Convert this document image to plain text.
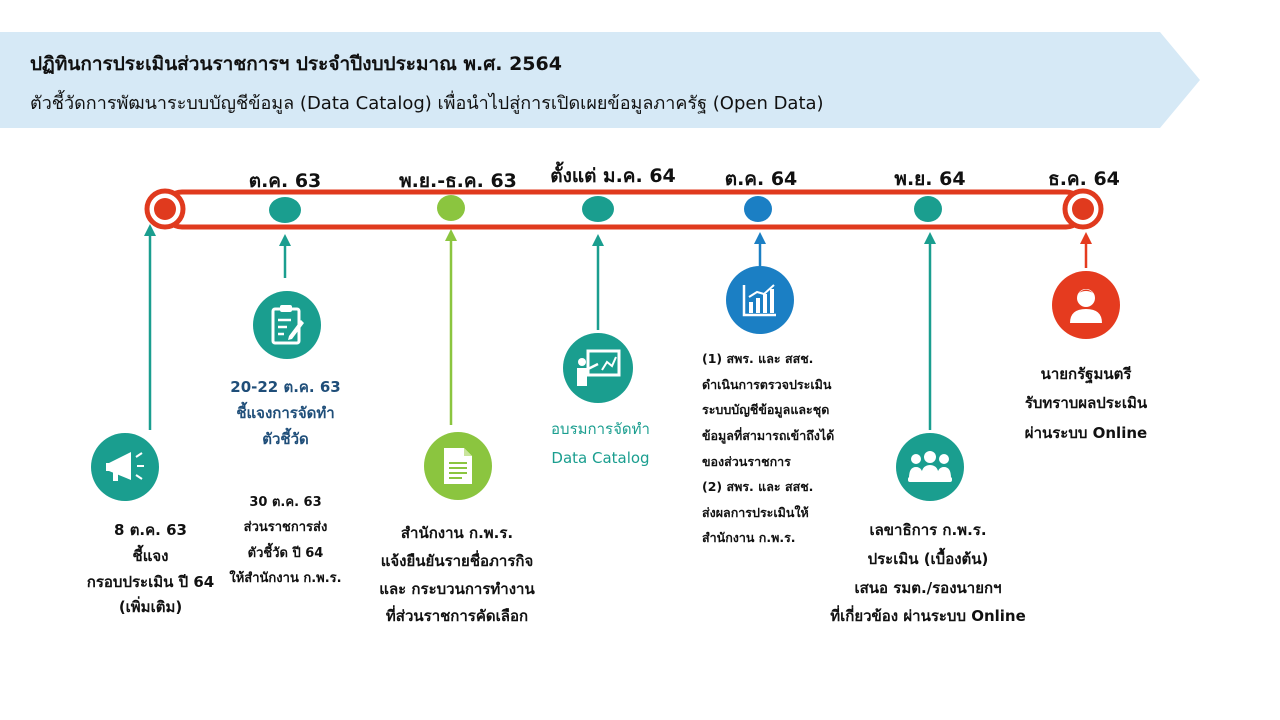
ปฏิทินการประเมินส่วนราชการฯ ประจำปีงบประมาณ พ.ศ. 2564
ตัวชี้วัดการพัฒนาระบบบัญชีข้อมูล (Data Catalog) เพื่อนำไปสู่การเปิดเผยข้อมูลภาครัฐ (Open Data)
ต.ค. 63	พ.ย.-ธ.ค. 63 ตั้งแต่ ม.ค. 64	ต.ค. 64	พ.ย. 64	ธ.ค. 64
8 ต.ค. 63
ชี้แจง
กรอบประเมิน ปี 64
(เพิ่มเติม)
20-22 ต.ค. 63
ชี้แจงการจัดทำ
ตัวชี้วัด
30 ต.ค. 63
ส่วนราชการส่ง
ตัวชี้วัด ปี 64
ให้สำนักงาน ก.พ.ร.
สำนักงาน ก.พ.ร.
แจ้งยืนยันรายชื่อภารกิจ
และ กระบวนการทำงาน
ที่ส่วนราชการคัดเลือก
อบรมการจัดทำ
Data Catalog
(1) สพร. และ สสช.
ดำเนินการตรวจประเมิน
ระบบบัญชีข้อมูลและชุด
ข้อมูลที่สามารถเข้าถึงได้
ของส่วนราชการ
(2) สพร. และ สสช.
ส่งผลการประเมินให้
สำนักงาน ก.พ.ร.	เลขาธิการ ก.พ.ร.
ประเมิน (เบื้องต้น)
เสนอ รมต./รองนายกฯ
ที่เกี่ยวข้อง ผ่านระบบ Online
นายกรัฐมนตรี
รับทราบผลประเมิน
ผ่านระบบ Online
